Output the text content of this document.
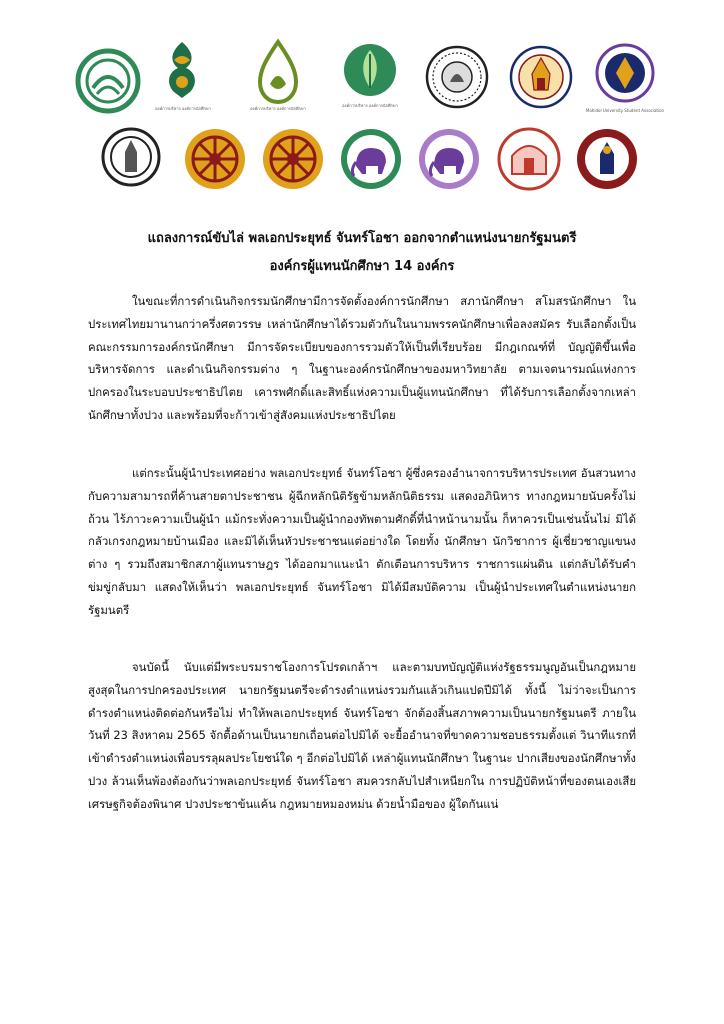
องค์การบริหาร องค์การนักศึกษา	องค์การบริหาร องค์การนักศึกษา
องค์การบริหาร องค์การนักศึกษา
Mahidol University Student Association
แถลงการณ์ขับไล่ พลเอกประยุทธ์ จันทร์โอชา ออกจากตำแหน่งนายกรัฐมนตรี
องค์กรผู้แทนนักศึกษา 14 องค์กร

ในขณะที่การดำเนินกิจกรรมนักศึกษามีการจัดตั้งองค์การนักศึกษา สภานักศึกษา สโมสรนักศึกษา ในประเทศไทยมานานกว่าครึ่งศตวรรษ เหล่านักศึกษาได้รวมตัวกันในนามพรรคนักศึกษาเพื่อลงสมัคร รับเลือกตั้งเป็นคณะกรรมการองค์กรนักศึกษา มีการจัดระเบียบของการรวมตัวให้เป็นที่เรียบร้อย มีกฎเกณฑ์ที่ บัญญัติขึ้นเพื่อบริหารจัดการ และดำเนินกิจกรรมต่าง ๆ ในฐานะองค์กรนักศึกษาของมหาวิทยาลัย ตามเจตนารมณ์แห่งการปกครองในระบอบประชาธิปไตย เคารพศักดิ์และสิทธิ์แห่งความเป็นผู้แทนนักศึกษา ที่ได้รับการเลือกตั้งจากเหล่านักศึกษาทั้งปวง และพร้อมที่จะก้าวเข้าสู่สังคมแห่งประชาธิปไตย

แต่กระนั้นผู้นำประเทศอย่าง พลเอกประยุทธ์ จันทร์โอชา ผู้ซึ่งครองอำนาจการบริหารประเทศ อันสวนทางกับความสามารถที่ค้านสายตาประชาชน ผู้ฉีกหลักนิติรัฐข้ามหลักนิติธรรม แสดงอภินิหาร ทางกฎหมายนับครั้งไม่ถ้วน ไร้ภาวะความเป็นผู้นำ แม้กระทั่งความเป็นผู้นำกองทัพตามศักดิ์ที่นำหน้านามนั้น ก็หาควรเป็นเช่นนั้นไม่ มิได้กลัวเกรงกฎหมายบ้านเมือง และมิได้เห็นหัวประชาชนแต่อย่างใด โดยทั้ง นักศึกษา นักวิชาการ ผู้เชี่ยวชาญแขนงต่าง ๆ รวมถึงสมาชิกสภาผู้แทนราษฎร ได้ออกมาแนะนำ ตักเตือนการบริหาร ราชการแผ่นดิน แต่กลับได้รับคำข่มขู่กลับมา แสดงให้เห็นว่า พลเอกประยุทธ์ จันทร์โอชา มิได้มีสมบัติความ เป็นผู้นำประเทศในตำแหน่งนายกรัฐมนตรี

จนบัดนี้ นับแต่มีพระบรมราชโองการโปรดเกล้าฯ และตามบทบัญญัติแห่งรัฐธรรมนูญอันเป็นกฎหมาย สูงสุดในการปกครองประเทศ นายกรัฐมนตรีจะดำรงตำแหน่งรวมกันแล้วเกินแปดปีมิได้ ทั้งนี้ ไม่ว่าจะเป็นการ ดำรงตำแหน่งติดต่อกันหรือไม่ ทำให้พลเอกประยุทธ์ จันทร์โอชา จักต้องสิ้นสภาพความเป็นนายกรัฐมนตรี ภายในวันที่ 23 สิงหาคม 2565 จักตื้อด้านเป็นนายกเถื่อนต่อไปมิได้ จะยื้ออำนาจที่ขาดความชอบธรรมตั้งแต่ วินาทีแรกที่เข้าดำรงตำแหน่งเพื่อบรรลุผลประโยชน์ใด ๆ อีกต่อไปมิได้ เหล่าผู้แทนนักศึกษา ในฐานะ ปากเสียงของนักศึกษาทั้งปวง ล้วนเห็นพ้องต้องกันว่าพลเอกประยุทธ์ จันทร์โอชา สมควรกลับไปสำเหนียกใน การปฏิบัติหน้าที่ของตนเองเสีย เศรษฐกิจต้องพินาศ ปวงประชาข้นแค้น กฎหมายหมองหม่น ด้วยน้ำมือของ ผู้ใดกันแน่
